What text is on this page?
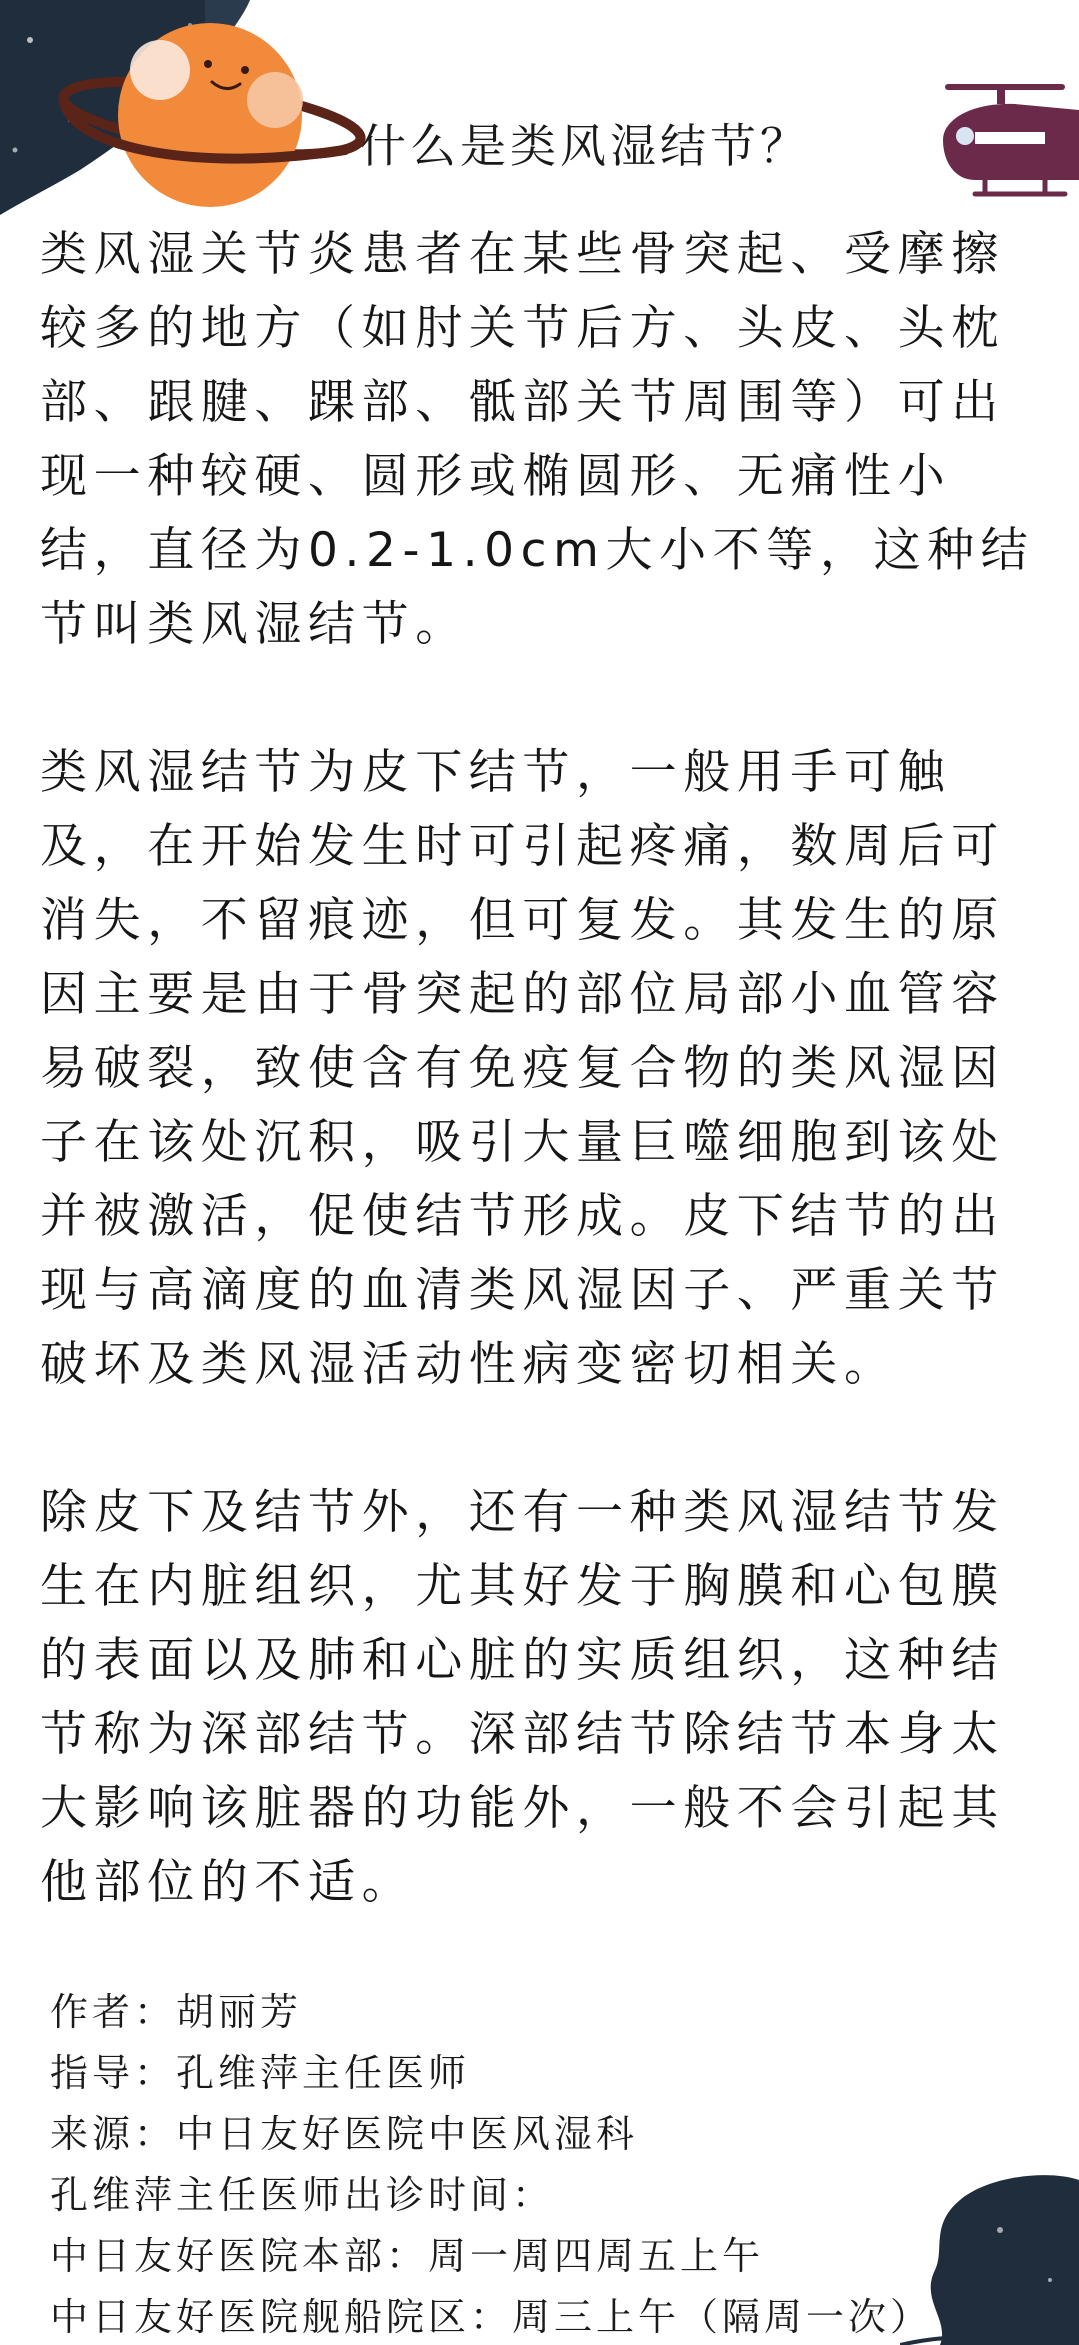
什么是类风湿结节？

类风湿关节炎患者在某些骨突起、受摩擦较多的地方（如肘关节后方、头皮、头枕部、跟腱、踝部、骶部关节周围等）可出现一种较硬、圆形或椭圆形、无痛性小结，直径为0.2-1.0cm大小不等，这种结节叫类风湿结节。

类风湿结节为皮下结节，一般用手可触及，在开始发生时可引起疼痛，数周后可消失，不留痕迹，但可复发。其发生的原因主要是由于骨突起的部位局部小血管容易破裂，致使含有免疫复合物的类风湿因子在该处沉积，吸引大量巨噬细胞到该处并被激活，促使结节形成。皮下结节的出现与高滴度的血清类风湿因子、严重关节破坏及类风湿活动性病变密切相关。

除皮下及结节外，还有一种类风湿结节发生在内脏组织，尤其好发于胸膜和心包膜的表面以及肺和心脏的实质组织，这种结节称为深部结节。深部结节除结节本身太大影响该脏器的功能外，一般不会引起其他部位的不适。

作者：胡丽芳
指导：孔维萍主任医师
来源：中日友好医院中医风湿科
孔维萍主任医师出诊时间：
中日友好医院本部：周一周四周五上午
中日友好医院舰船院区：周三上午（隔周一次）
